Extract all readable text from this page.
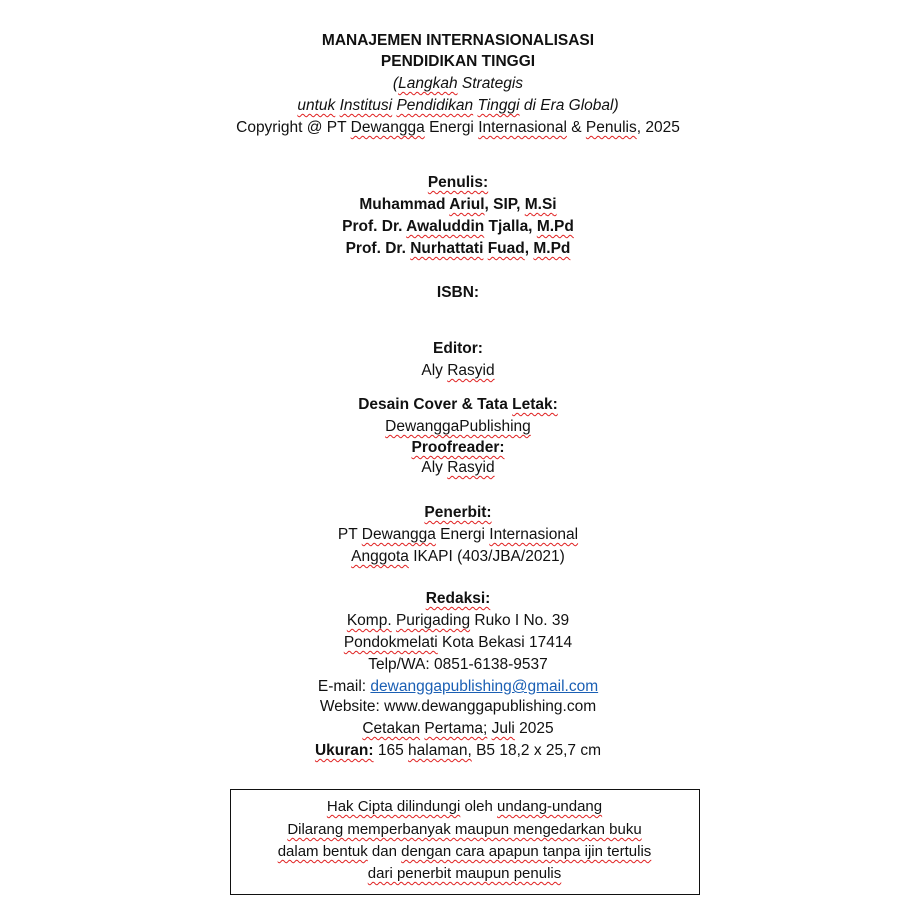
MANAJEMEN INTERNASIONALISASI
PENDIDIKAN TINGGI
(Langkah Strategis
untuk Institusi Pendidikan Tinggi di Era Global)
Copyright @ PT Dewangga Energi Internasional & Penulis, 2025
Penulis:
Muhammad Ariul, SIP, M.Si
Prof. Dr. Awaluddin Tjalla, M.Pd
Prof. Dr. Nurhattati Fuad, M.Pd
ISBN:
Editor:
Aly Rasyid
Desain Cover & Tata Letak:
DewanggaPublishing
Proofreader:
Aly Rasyid
Penerbit:
PT Dewangga Energi Internasional
Anggota IKAPI (403/JBA/2021)
Redaksi:
Komp. Purigading Ruko I No. 39
Pondokmelati Kota Bekasi 17414
Telp/WA: 0851-6138-9537
E-mail: dewanggapublishing@gmail.com
Website: www.dewanggapublishing.com
Cetakan Pertama; Juli 2025
Ukuran: 165 halaman, B5 18,2 x 25,7 cm
Hak Cipta dilindungi oleh undang-undang
Dilarang memperbanyak maupun mengedarkan buku
dalam bentuk dan dengan cara apapun tanpa ijin tertulis
dari penerbit maupun penulis
